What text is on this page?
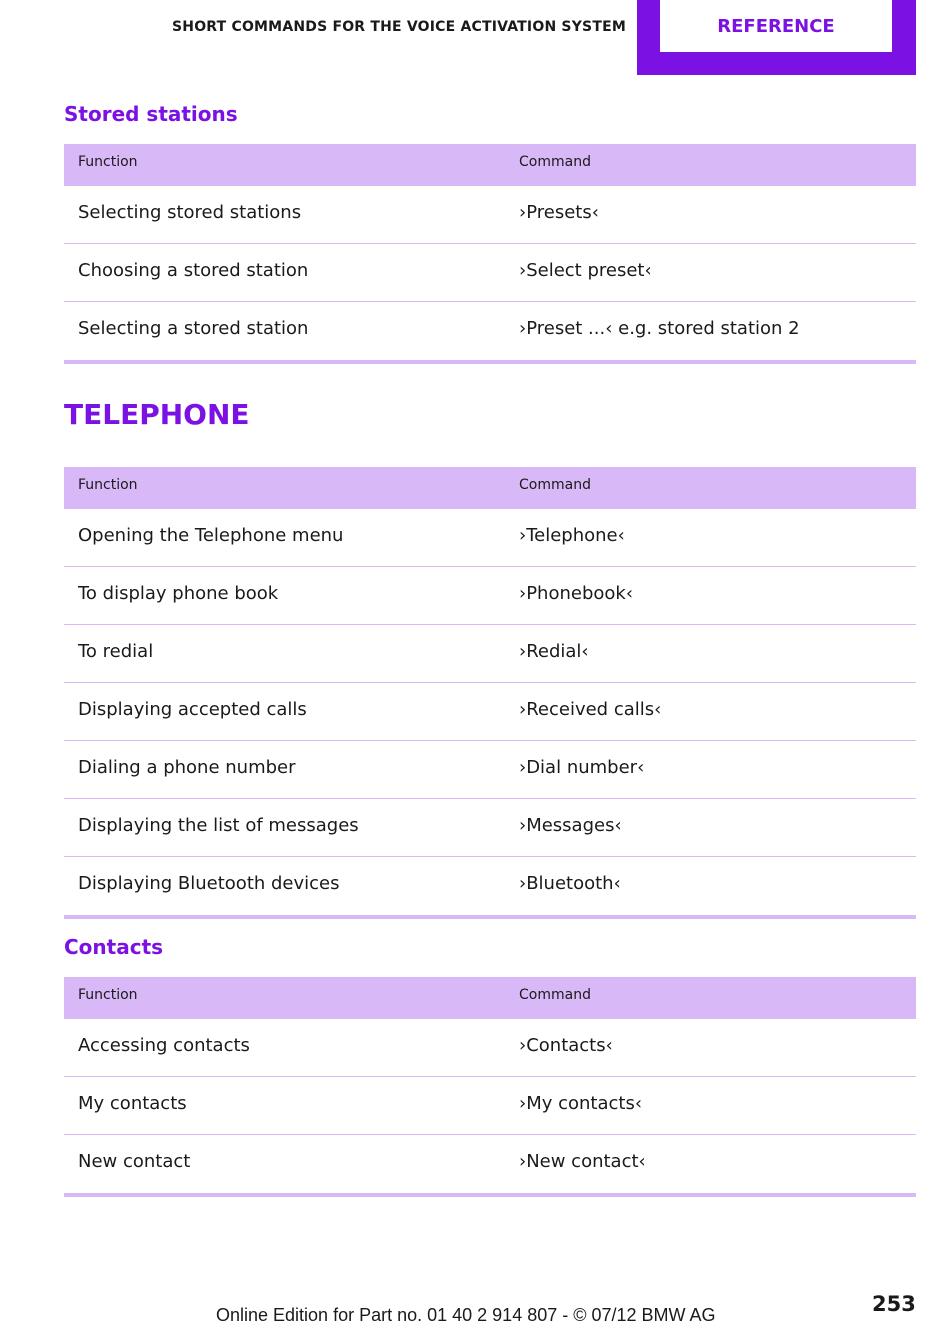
SHORT COMMANDS FOR THE VOICE ACTIVATION SYSTEM	REFERENCE
Stored stations
Function	Command
Selecting stored stations	›Presets‹
Choosing a stored station	›Select preset‹
Selecting a stored station	›Preset ...‹ e.g. stored station 2
TELEPHONE
Function	Command
Opening the Telephone menu	›Telephone‹
To display phone book	›Phonebook‹
To redial	›Redial‹
Displaying accepted calls	›Received calls‹
Dialing a phone number	›Dial number‹
Displaying the list of messages	›Messages‹
Displaying Bluetooth devices	›Bluetooth‹
Contacts
Function	Command
Accessing contacts	›Contacts‹
My contacts	›My contacts‹
New contact	›New contact‹
253
Online Edition for Part no. 01 40 2 914 807 - © 07/12 BMW AG
